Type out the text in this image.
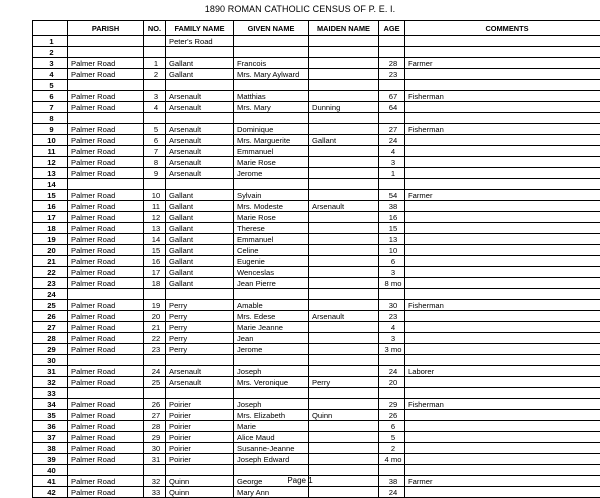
1890 ROMAN CATHOLIC CENSUS OF P. E. I.
	PARISH	NO.	FAMILY NAME	GIVEN NAME	MAIDEN NAME	AGE	COMMENTS
1			Peter's Road				
2							
3	Palmer Road	1	Gallant	Francois		28	Farmer
4	Palmer Road	2	Gallant	Mrs. Mary Aylward		23	
5							
6	Palmer Road	3	Arsenault	Matthias		67	Fisherman
7	Palmer Road	4	Arsenault	Mrs. Mary	Dunning	64	
8							
9	Palmer Road	5	Arsenault	Dominique		27	Fisherman
10	Palmer Road	6	Arsenault	Mrs. Marguerite	Gallant	24	
11	Palmer Road	7	Arsenault	Emmanuel		4	
12	Palmer Road	8	Arsenault	Marie Rose		3	
13	Palmer Road	9	Arsenault	Jerome		1	
14							
15	Palmer Road	10	Gallant	Sylvain		54	Farmer
16	Palmer Road	11	Gallant	Mrs. Modeste	Arsenault	38	
17	Palmer Road	12	Gallant	Marie Rose		16	
18	Palmer Road	13	Gallant	Therese		15	
19	Palmer Road	14	Gallant	Emmanuel		13	
20	Palmer Road	15	Gallant	Celine		10	
21	Palmer Road	16	Gallant	Eugenie		6	
22	Palmer Road	17	Gallant	Wenceslas		3	
23	Palmer Road	18	Gallant	Jean Pierre		8 mo	
24							
25	Palmer Road	19	Perry	Amable		30	Fisherman
26	Palmer Road	20	Perry	Mrs. Edese	Arsenault	23	
27	Palmer Road	21	Perry	Marie Jeanne		4	
28	Palmer Road	22	Perry	Jean		3	
29	Palmer Road	23	Perry	Jerome		3 mo	
30							
31	Palmer Road	24	Arsenault	Joseph		24	Laborer
32	Palmer Road	25	Arsenault	Mrs. Veronique	Perry	20	
33							
34	Palmer Road	26	Poirier	Joseph		29	Fisherman
35	Palmer Road	27	Poirier	Mrs. Elizabeth	Quinn	26	
36	Palmer Road	28	Poirier	Marie		6	
37	Palmer Road	29	Poirier	Alice Maud		5	
38	Palmer Road	30	Poirier	Susanne-Jeanne		2	
39	Palmer Road	31	Poirier	Joseph Edward		4 mo	
40							
41	Palmer Road	32	Quinn	George		38	Farmer
42	Palmer Road	33	Quinn	Mary Ann		24	
Page 1
